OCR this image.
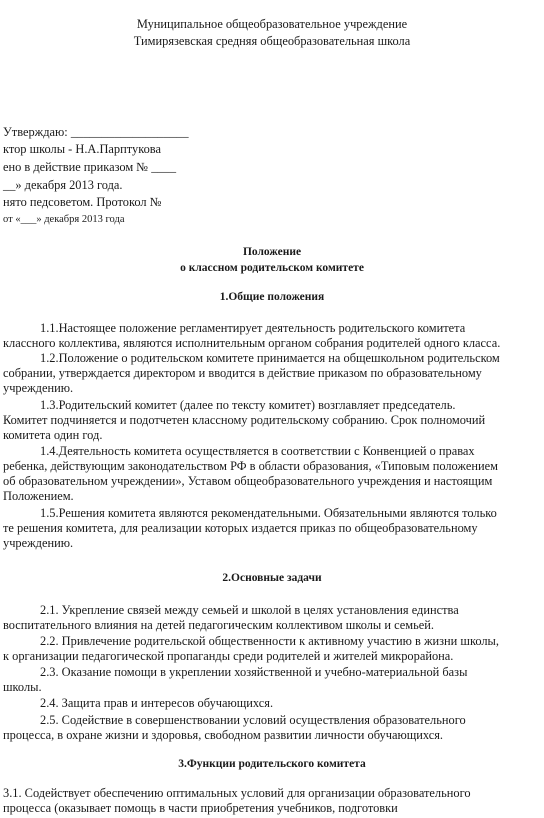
Муниципальное общеобразовательное учреждение
Тимирязевская средняя общеобразовательная школа
Утверждаю: ___________________
ктор школы - Н.А.Парптукова
ено в действие приказом № ____
__» декабря 2013 года.
нято педсоветом. Протокол №
от «___» декабря 2013 года
Положение
о классном родительском комитете
1.Общие положения
1.1.Настоящее положение регламентирует деятельность родительского комитета
классного коллектива, являются исполнительным органом собрания родителей одного класса.
1.2.Положение о родительском комитете принимается на общешкольном родительском
собрании, утверждается директором и вводится в действие приказом по образовательному
учреждению.
1.3.Родительский комитет (далее по тексту комитет) возглавляет председатель.
Комитет подчиняется и подотчетен классному родительскому собранию. Срок полномочий
комитета один год.
1.4.Деятельность комитета осуществляется в соответствии с Конвенцией о правах
ребенка, действующим законодательством РФ в области образования, «Типовым положением
об образовательном учреждении», Уставом общеобразовательного учреждения и настоящим
Положением.
1.5.Решения комитета являются рекомендательными. Обязательными являются только
те решения комитета, для реализации которых издается приказ по общеобразовательному
учреждению.
2.Основные задачи
2.1. Укрепление связей между семьей и школой в целях установления единства
воспитательного влияния на детей педагогическим коллективом школы и семьей.
2.2. Привлечение родительской общественности к активному участию в жизни школы,
к организации педагогической пропаганды среди родителей и жителей микрорайона.
2.3. Оказание помощи в укреплении хозяйственной и учебно-материальной базы
школы.
2.4. Защита прав и интересов обучающихся.
2.5. Содействие в совершенствовании условий осуществления образовательного
процесса, в охране жизни и здоровья, свободном развитии личности обучающихся.
3.Функции родительского комитета
3.1. Содействует обеспечению оптимальных условий для организации образовательного
процесса (оказывает помощь в части приобретения учебников, подготовки
